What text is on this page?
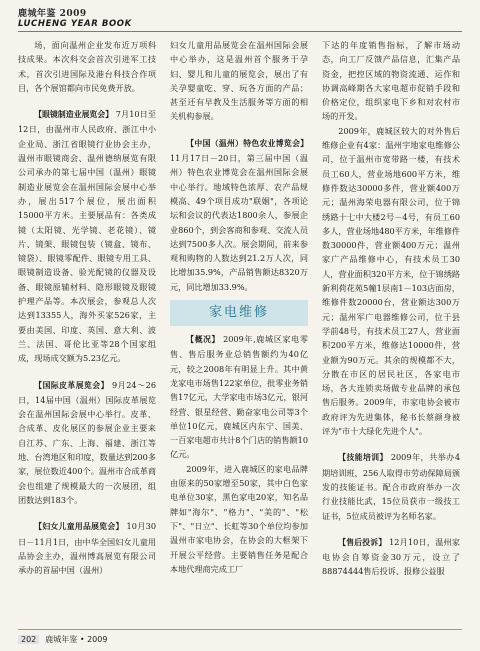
鹿城年鉴 2009
LUCHENG YEAR BOOK

场，面向温州企业发布近万项科技成果。本次科交会首次引进军工技术，首次引进国际及港台科技合作项目，各个展馆都向市民免费开放。

【眼镜制造业展览会】 7月10日至12日，由温州市人民政府、浙江中小企业局、浙江省眼镜行业协会主办，温州市眼镜商会、温州德纳展览有限公司承办的第七届中国（温州）眼镜制造业展览会在温州国际会展中心举办，展出517个展位，展出面积15000平方米。主要展品有：各类成镜（太阳镜、光学镜、老花镜）、镜片、镜架、眼镜包装（镜盒、镜布、镜袋）、眼镜零配件、眼镜专用工具、眼镜制造设备、验光配镜的仪器及设备、眼镜原辅材料、隐形眼镜及眼镜护理产品等。本次展会，参观总人次达到13355人，海外买家526家，主要由美国、印度、英国、意大利、波兰、法国、哥伦比亚等28个国家组成，现场成交额为5.23亿元。

【国际皮革展览会】 9月24～26日，14届中国（温州）国际皮革展览会在温州国际会展中心举行。皮革、合成革、皮化展区的参展企业主要来自江苏、广东、上海、福建、浙江等地、台湾地区和印度，数量达到200多家，展位数近400个。温州市合成革商会也组建了规模最大的一次展团，组团数达到183个。

【妇女儿童用品展览会】 10月30日－11月1日，由中华全国妇女儿童用品协会主办，温州博高展览有限公司承办的首届中国（温州）

妇女儿童用品展览会在温州国际会展中心举办，这是温州首个服务于孕妇、婴儿和儿童的展览会，展出了有关孕婴童吃、穿、玩各方面的产品；甚至还有早教及生活服务等方面的相关机构参展。

【中国（温州）特色农业博览会】 11月17日－20日，第三届中国（温州）特色农业博览会在温州国际会展中心举行。地域特色浓厚、农产品规模高、49个项目成功"联姻"，各项论坛和会议的代表达1800余人，参展企业860个，到会客商和参观、交流人员达到7500多人次。展会期间，前来参观和购物的人数达到21.2万人次，同比增加35.9%，产品销售额达8320万元，同比增加33.9%。

家电维修

【概况】 2009年,鹿城区家电零售、售后服务业总销售额约为40亿元，较之2008年有明显上升。其中黄龙家电市场售122家单位，批零业务销售17亿元，大学家电市场3亿元，银河经营、银星经营、勤奋家电公司等3个单位10亿元，鹿城区内东宁、国美、一百家电超市共计8个门店的销售额10亿元。

2009年，进入鹿城区的家电品牌由原来的50家增至50家，其中白色家电单位30家，黑色家电20家，知名品牌如"海尔"、"格力"、"美的"、"松下"、"日立"、长虹等30个单位均参加温州市家电协会，在协会的大框架下开展公平经营。主要销售任务是配合本地代理商完成工厂

下达的年度销售指标，了解市场动态，向工厂反馈产品信息，汇集产品资金，把控区域的物资流通、运作和协调高峰期各大家电超市促销手段和价格定位，组织家电下乡和对农村市场的开发。

2009年，鹿城区较大的对外售后维修企业有4家：温州宇地家电维修公司，位于温州市宽带路一楼，有技术员工60人，营业场地600平方米，维修件数达30000多件，营业额400万元；温州海荣电器有限公司，位于锦绣路十七中大楼2号－4号，有员工60多人，营业场地480平方米，年维修件数30000件，营业额400万元；温州家广产品维修中心，有技术员工30人，营业面积320平方米，位于锦绣路新利荷花苑5幢1层南1－103店面房，维修件数20000台，营业额达300万元；温州军广电器维修公司，位于县学前48号，有技术员工27人，营业面积200平方米，维修达10000件，营业额为90万元。其余的规模都不大，分散在市区的居民社区，各家电市场，各大连锁卖场做专业品牌的承包售后服务。2009年，市家电协会被市政府评为先进集体，秘书长蔡颜身被评为"市十大绿化先进个人"。

【技能培训】 2009年，共举办4期培训班，256人取得市劳动保障局颁发的技能证书。配合市政府举办一次行业技能比武，15位员获市一级技工证书，5位成员被评为名师名家。

【售后投诉】 12月10日，温州家电协会自筹资金30万元，设立了88874444售后投诉、报修公益服

202 鹿城年鉴 • 2009
